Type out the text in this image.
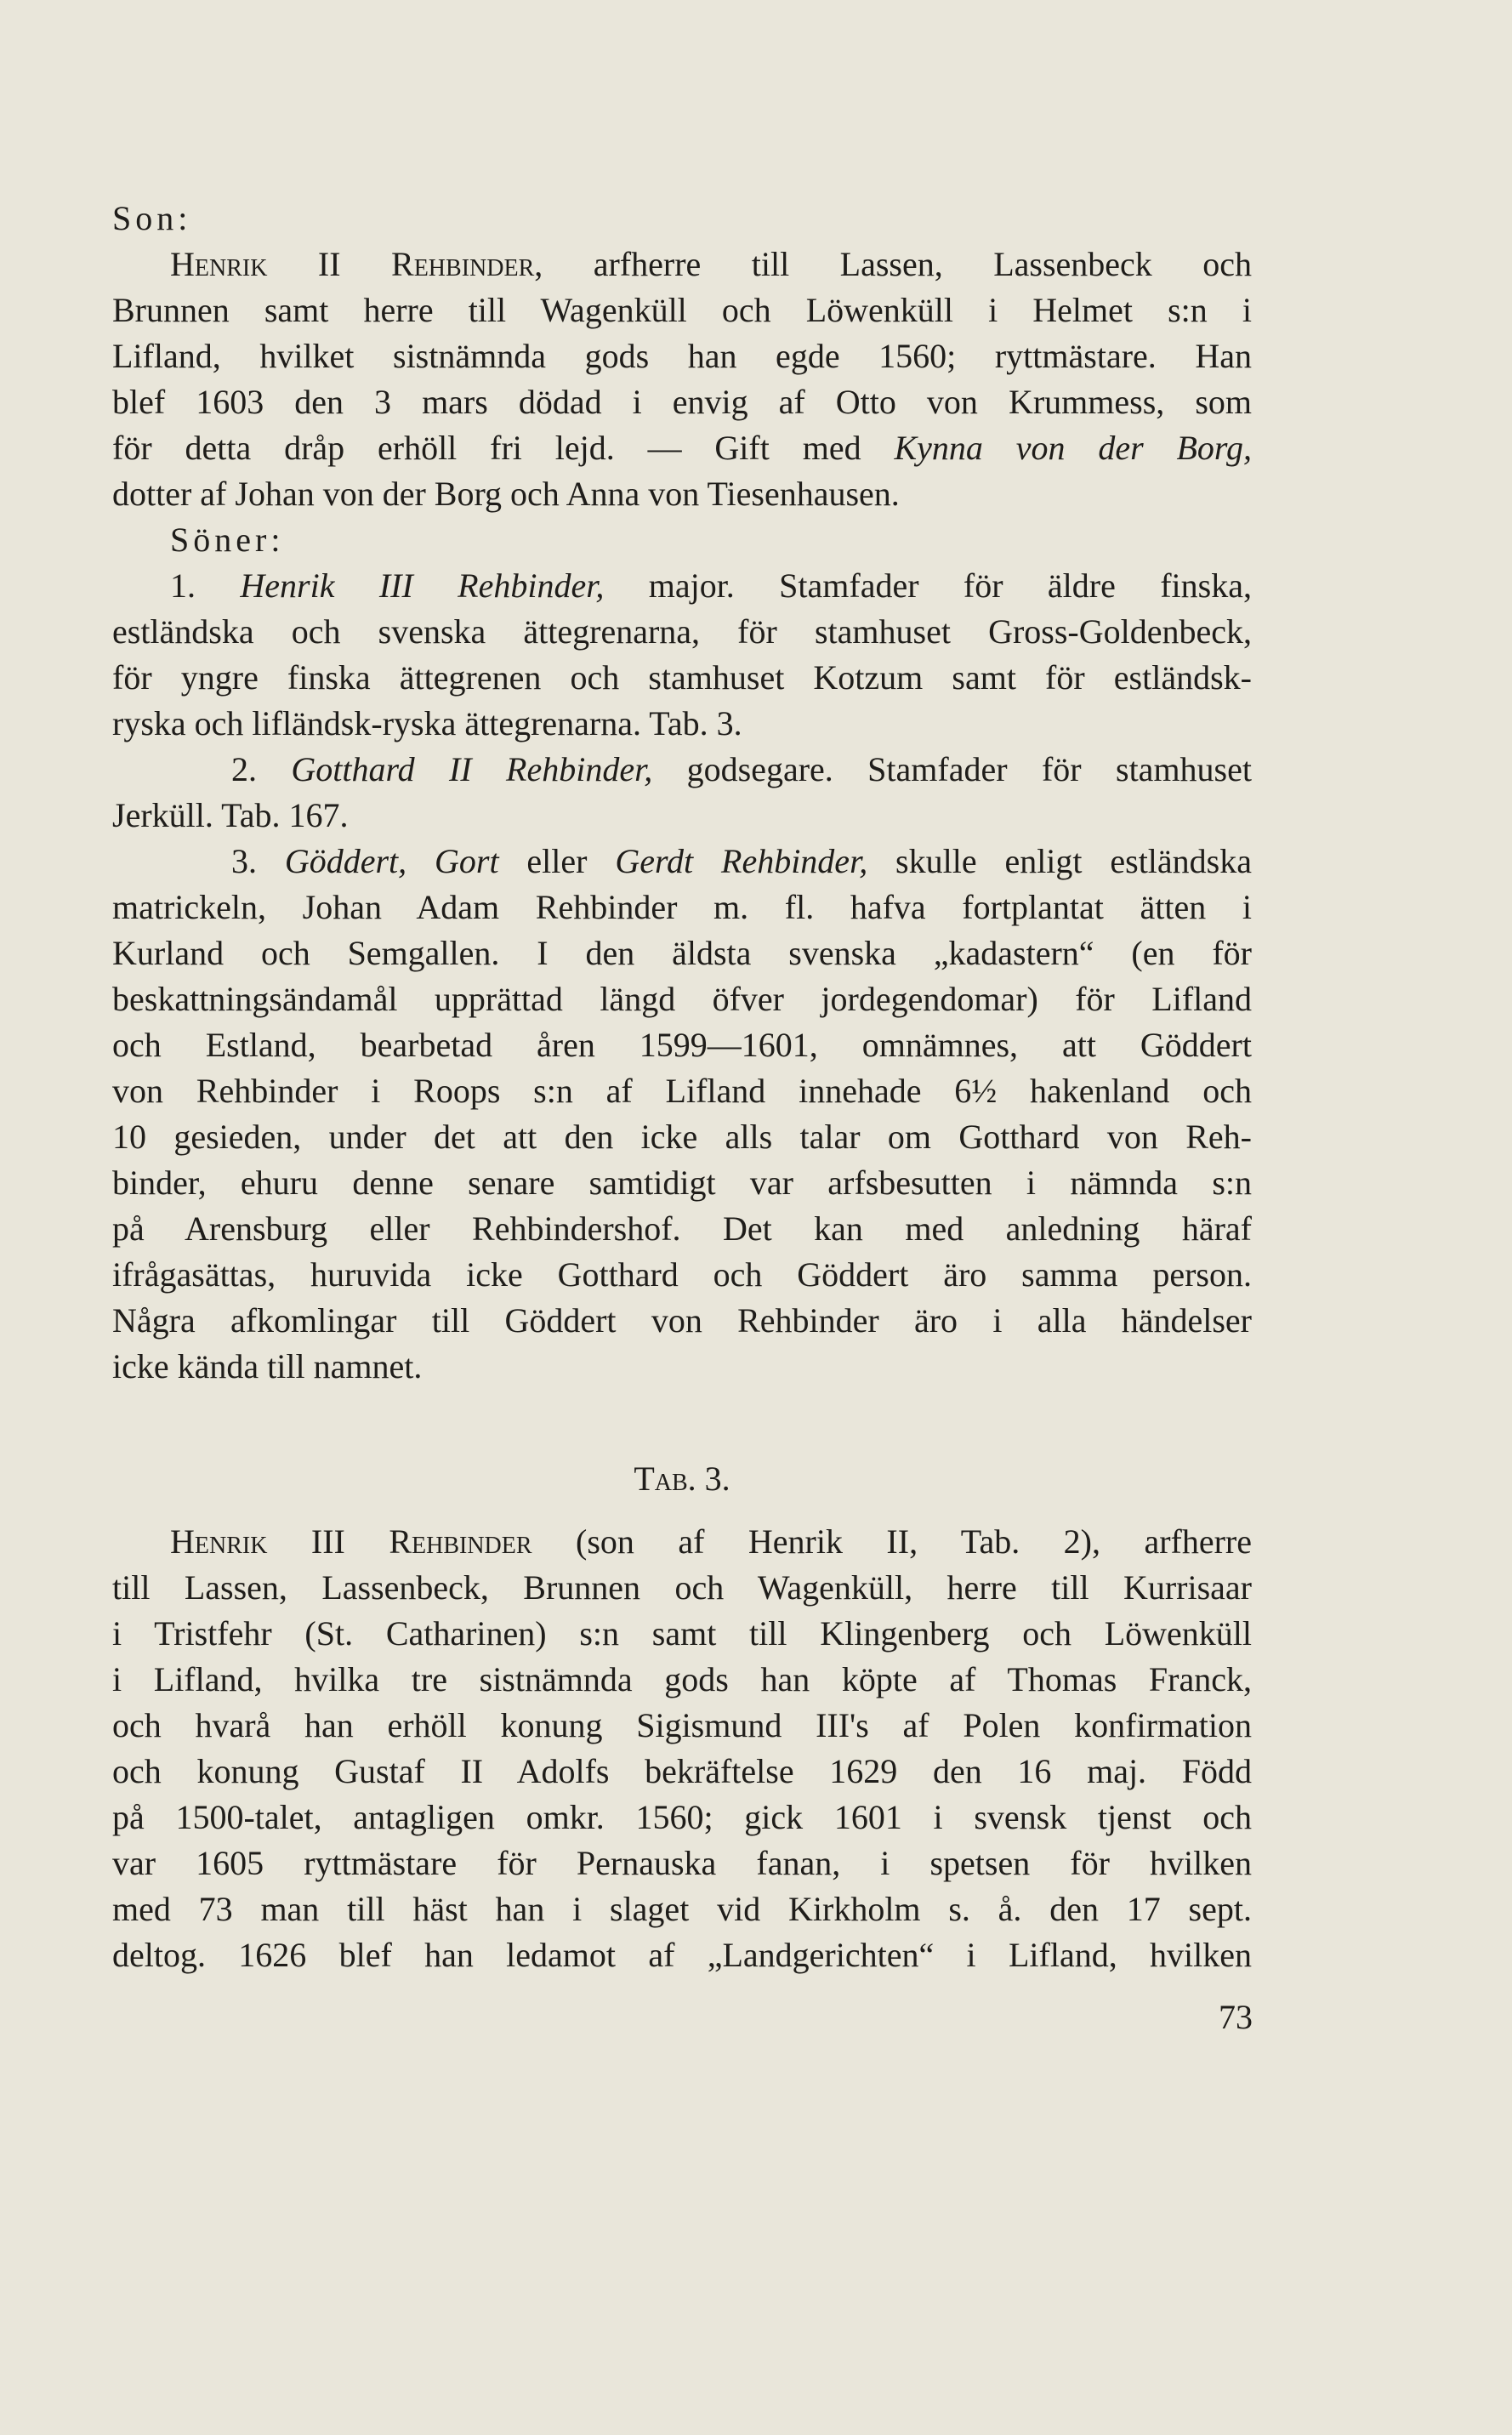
Son:
Henrik II Rehbinder, arfherre till Lassen, Lassenbeck och
Brunnen samt herre till Wagenküll och Löwenküll i Helmet s:n i
Lifland, hvilket sistnämnda gods han egde 1560; ryttmästare. Han
blef 1603 den 3 mars dödad i envig af Otto von Krummess, som
för detta dråp erhöll fri lejd. — Gift med Kynna von der Borg,
dotter af Johan von der Borg och Anna von Tiesenhausen.
Söner:
1. Henrik III Rehbinder, major. Stamfader för äldre finska,
estländska och svenska ättegrenarna, för stamhuset Gross-Goldenbeck,
för yngre finska ättegrenen och stamhuset Kotzum samt för estländsk-
ryska och lifländsk-ryska ättegrenarna. Tab. 3.
2. Gotthard II Rehbinder, godsegare. Stamfader för stamhuset
Jerküll. Tab. 167.
3. Göddert, Gort eller Gerdt Rehbinder, skulle enligt estländska
matrickeln, Johan Adam Rehbinder m. fl. hafva fortplantat ätten i
Kurland och Semgallen. I den äldsta svenska „kadastern“ (en för
beskattningsändamål upprättad längd öfver jordegendomar) för Lifland
och Estland, bearbetad åren 1599—1601, omnämnes, att Göddert
von Rehbinder i Roops s:n af Lifland innehade 6½ hakenland och
10 gesieden, under det att den icke alls talar om Gotthard von Reh-
binder, ehuru denne senare samtidigt var arfsbesutten i nämnda s:n
på Arensburg eller Rehbindershof. Det kan med anledning häraf
ifrågasättas, huruvida icke Gotthard och Göddert äro samma person.
Några afkomlingar till Göddert von Rehbinder äro i alla händelser
icke kända till namnet.
Tab. 3.
Henrik III Rehbinder (son af Henrik II, Tab. 2), arfherre
till Lassen, Lassenbeck, Brunnen och Wagenküll, herre till Kurrisaar
i Tristfehr (St. Catharinen) s:n samt till Klingenberg och Löwenküll
i Lifland, hvilka tre sistnämnda gods han köpte af Thomas Franck,
och hvarå han erhöll konung Sigismund III's af Polen konfirmation
och konung Gustaf II Adolfs bekräftelse 1629 den 16 maj. Född
på 1500-talet, antagligen omkr. 1560; gick 1601 i svensk tjenst och
var 1605 ryttmästare för Pernauska fanan, i spetsen för hvilken
med 73 man till häst han i slaget vid Kirkholm s. å. den 17 sept.
deltog. 1626 blef han ledamot af „Landgerichten“ i Lifland, hvilken
73
